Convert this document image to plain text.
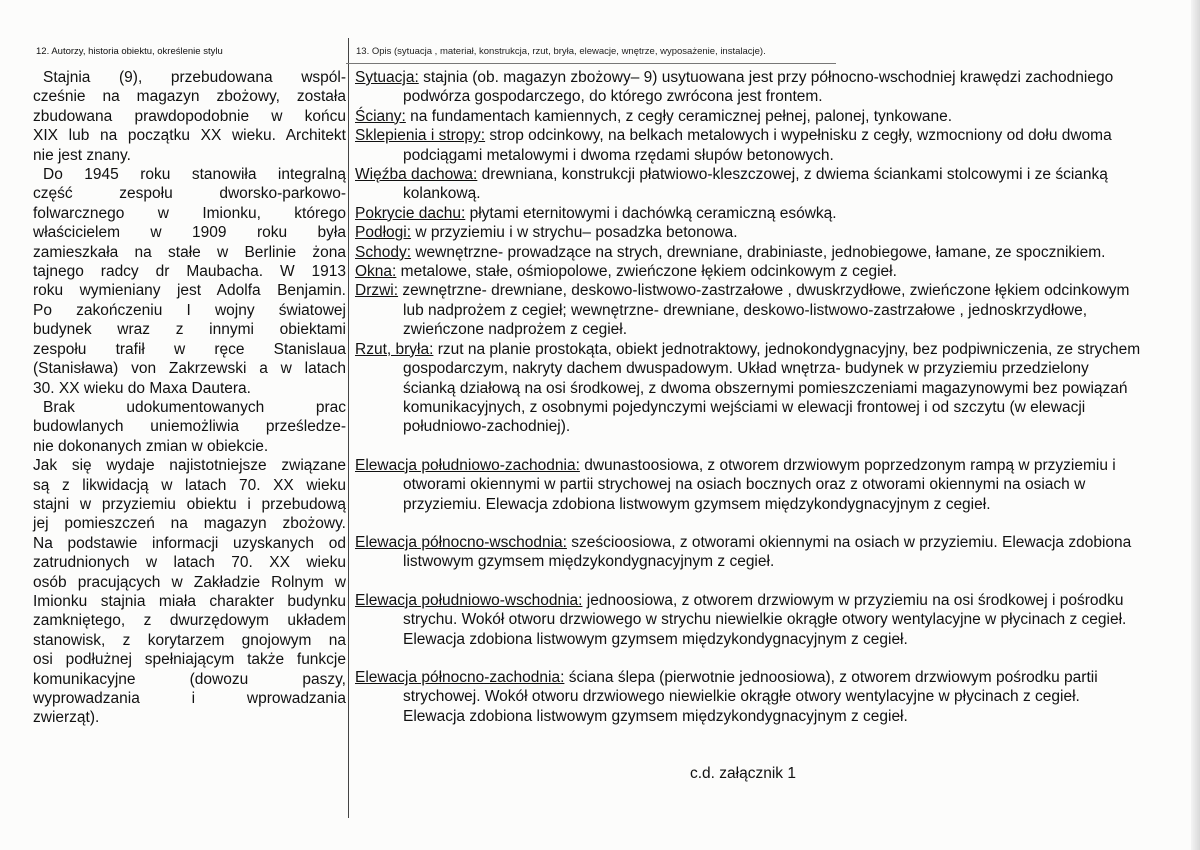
12. Autorzy, historia obiektu, określenie stylu	13. Opis (sytuacja , materiał, konstrukcja, rzut, bryła, elewacje, wnętrze, wyposażenie, instalacje).

Stajnia (9), przebudowana wspól-

cześnie na magazyn zbożowy, została

zbudowana prawdopodobnie w końcu

XIX lub na początku XX wieku. Architekt

nie jest znany.

Do 1945 roku stanowiła integralną

część zespołu dworsko-parkowo-

folwarcznego w Imionku, którego

właścicielem w 1909 roku była

zamieszkała na stałe w Berlinie żona

tajnego radcy dr Maubacha. W 1913

roku wymieniany jest Adolfa Benjamin.

Po zakończeniu I wojny światowej

budynek wraz z innymi obiektami

zespołu trafił w ręce Stanislaua

(Stanisława) von Zakrzewski a w latach

30. XX wieku do Maxa Dautera.

Brak udokumentowanych prac

budowlanych uniemożliwia prześledze-

nie dokonanych zmian w obiekcie.

Jak się wydaje najistotniejsze związane

są z likwidacją w latach 70. XX wieku

stajni w przyziemiu obiektu i przebudową

jej pomieszczeń na magazyn zbożowy.

Na podstawie informacji uzyskanych od

zatrudnionych w latach 70. XX wieku

osób pracujących w Zakładzie Rolnym w

Imionku stajnia miała charakter budynku

zamkniętego, z dwurzędowym układem

stanowisk, z korytarzem gnojowym na

osi podłużnej spełniającym także funkcje

komunikacyjne (dowozu paszy,

wyprowadzania i wprowadzania

zwierząt).

Sytuacja: stajnia (ob. magazyn zbożowy– 9) usytuowana jest przy północno-wschodniej krawędzi zachodniego podwórza gospodarczego, do którego zwrócona jest frontem.

Ściany: na fundamentach kamiennych, z cegły ceramicznej pełnej, palonej, tynkowane.

Sklepienia i stropy: strop odcinkowy, na belkach metalowych i wypełnisku z cegły, wzmocniony od dołu dwoma podciągami metalowymi i dwoma rzędami słupów betonowych.

Więźba dachowa: drewniana, konstrukcji płatwiowo-kleszczowej, z dwiema ściankami stolcowymi i ze ścianką kolankową.

Pokrycie dachu: płytami eternitowymi i dachówką ceramiczną esówką.

Podłogi: w przyziemiu i w strychu– posadzka betonowa.

Schody: wewnętrzne- prowadzące na strych, drewniane, drabiniaste, jednobiegowe, łamane, ze spocznikiem.

Okna: metalowe, stałe, ośmiopolowe, zwieńczone łękiem odcinkowym z cegieł.

Drzwi: zewnętrzne- drewniane, deskowo-listwowo-zastrzałowe , dwuskrzydłowe, zwieńczone łękiem odcinkowym lub nadprożem z cegieł; wewnętrzne- drewniane, deskowo-listwowo-zastrzałowe , jednoskrzydłowe, zwieńczone nadprożem z cegieł.

Rzut, bryła: rzut na planie prostokąta, obiekt jednotraktowy, jednokondygnacyjny, bez podpiwniczenia, ze strychem gospodarczym, nakryty dachem dwuspadowym. Układ wnętrza- budynek w przyziemiu przedzielony ścianką działową na osi środkowej, z dwoma obszernymi pomieszczeniami magazynowymi bez powiązań komunikacyjnych, z osobnymi pojedynczymi wejściami w elewacji frontowej i od szczytu (w elewacji południowo-zachodniej).

Elewacja południowo-zachodnia: dwunastoosiowa, z otworem drzwiowym poprzedzonym rampą w przyziemiu i otworami okiennymi w partii strychowej na osiach bocznych oraz z otworami okiennymi na osiach w przyziemiu. Elewacja zdobiona listwowym gzymsem międzykondygnacyjnym z cegieł.

Elewacja północno-wschodnia: sześcioosiowa, z otworami okiennymi na osiach w przyziemiu. Elewacja zdobiona listwowym gzymsem międzykondygnacyjnym z cegieł.

Elewacja południowo-wschodnia: jednoosiowa, z otworem drzwiowym w przyziemiu na osi środkowej i pośrodku strychu. Wokół otworu drzwiowego w strychu niewielkie okrągłe otwory wentylacyjne w płycinach z cegieł. Elewacja zdobiona listwowym gzymsem międzykondygnacyjnym z cegieł.

Elewacja północno-zachodnia: ściana ślepa (pierwotnie jednoosiowa), z otworem drzwiowym pośrodku partii strychowej. Wokół otworu drzwiowego niewielkie okrągłe otwory wentylacyjne w płycinach z cegieł. Elewacja zdobiona listwowym gzymsem międzykondygnacyjnym z cegieł.

c.d. załącznik 1
